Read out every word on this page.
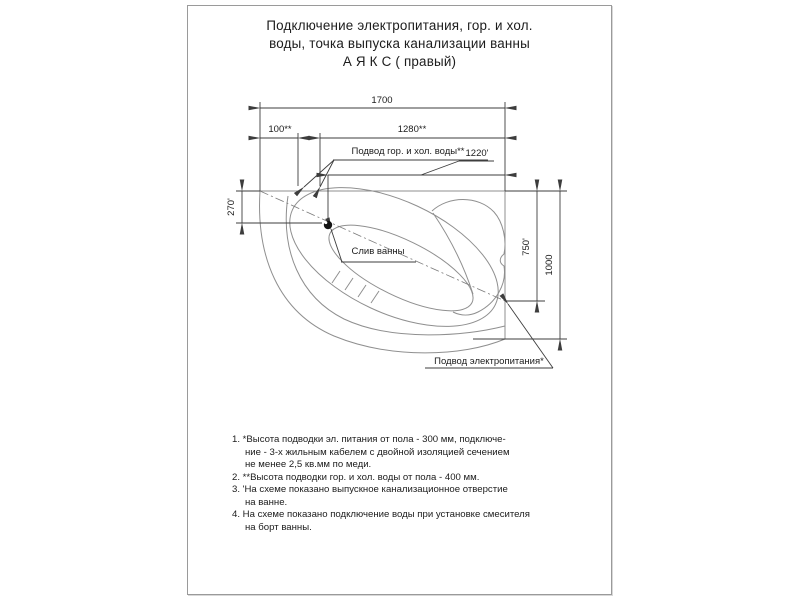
Подключение электропитания, гор. и хол.
воды, точка выпуска канализации ванны
А Я К С ( правый)
1. *Высота подводки эл. питания от пола - 300 мм, подключе-
ние - 3-х жильным кабелем с двойной изоляцией сечением
не менее 2,5 кв.мм по меди.
2. **Высота подводки гор. и хол. воды от пола - 400 мм.
3. 'На схеме показано выпускное канализационное отверстие
на ванне.
4. На схеме показано подключение воды при установке смесителя
на борт ванны.
1700
100**	1280**
1220'
270'
750'
1000
Подвод гор. и хол. воды**
Слив ванны
Подвод электропитания*
